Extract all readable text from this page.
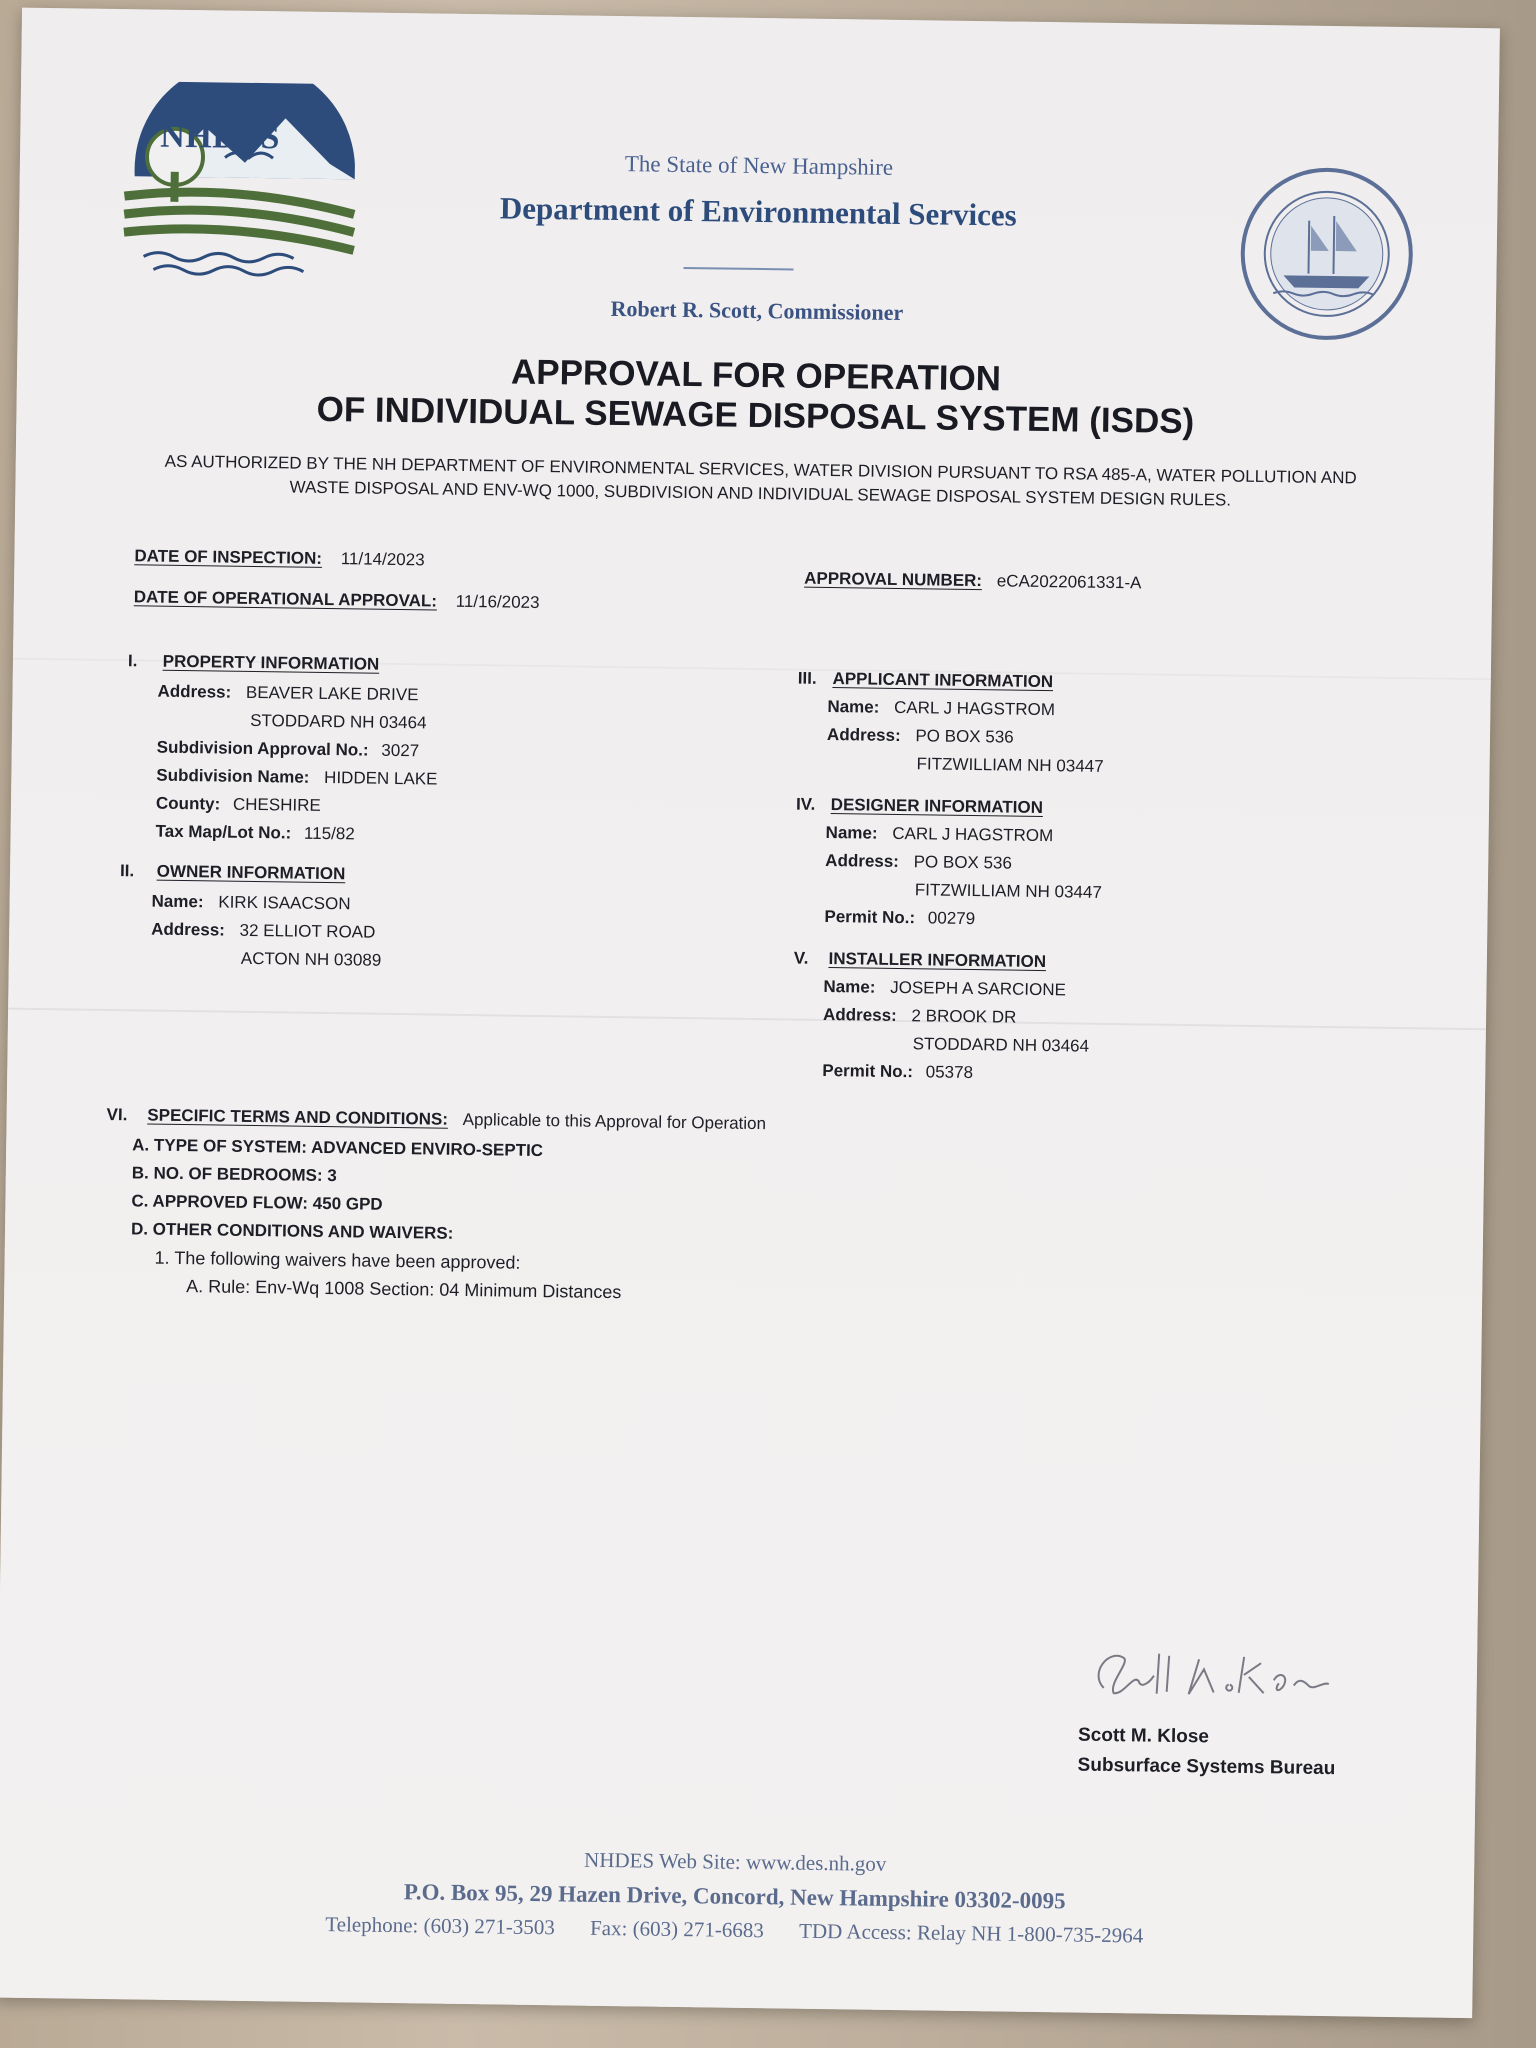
NHDES
The State of New Hampshire
Department of Environmental Services
Robert R. Scott, Commissioner
APPROVAL FOR OPERATION
OF INDIVIDUAL SEWAGE DISPOSAL SYSTEM (ISDS)
AS AUTHORIZED BY THE NH DEPARTMENT OF ENVIRONMENTAL SERVICES, WATER DIVISION PURSUANT TO RSA 485-A, WATER POLLUTION AND WASTE DISPOSAL AND ENV-WQ 1000, SUBDIVISION AND INDIVIDUAL SEWAGE DISPOSAL SYSTEM DESIGN RULES.
DATE OF INSPECTION: 11/14/2023
DATE OF OPERATIONAL APPROVAL: 11/16/2023
APPROVAL NUMBER: eCA2022061331-A
I. PROPERTY INFORMATION
Address: BEAVER LAKE DRIVE
STODDARD NH 03464
Subdivision Approval No.: 3027
Subdivision Name: HIDDEN LAKE
County: CHESHIRE
Tax Map/Lot No.: 115/82
II. OWNER INFORMATION
Name: KIRK ISAACSON
Address: 32 ELLIOT ROAD
ACTON NH 03089
III. APPLICANT INFORMATION
Name: CARL J HAGSTROM
Address: PO BOX 536
FITZWILLIAM NH 03447
IV. DESIGNER INFORMATION
Name: CARL J HAGSTROM
Address: PO BOX 536
FITZWILLIAM NH 03447
Permit No.: 00279
V. INSTALLER INFORMATION
Name: JOSEPH A SARCIONE
Address: 2 BROOK DR
STODDARD NH 03464
Permit No.: 05378
VI. SPECIFIC TERMS AND CONDITIONS: Applicable to this Approval for Operation
A. TYPE OF SYSTEM: ADVANCED ENVIRO-SEPTIC
B. NO. OF BEDROOMS: 3
C. APPROVED FLOW: 450 GPD
D. OTHER CONDITIONS AND WAIVERS:
1. The following waivers have been approved:
A. Rule: Env-Wq 1008 Section: 04 Minimum Distances
Scott M. Klose
Subsurface Systems Bureau
NHDES Web Site: www.des.nh.gov
P.O. Box 95, 29 Hazen Drive, Concord, New Hampshire 03302-0095
Telephone: (603) 271-3503 Fax: (603) 271-6683 TDD Access: Relay NH 1-800-735-2964
